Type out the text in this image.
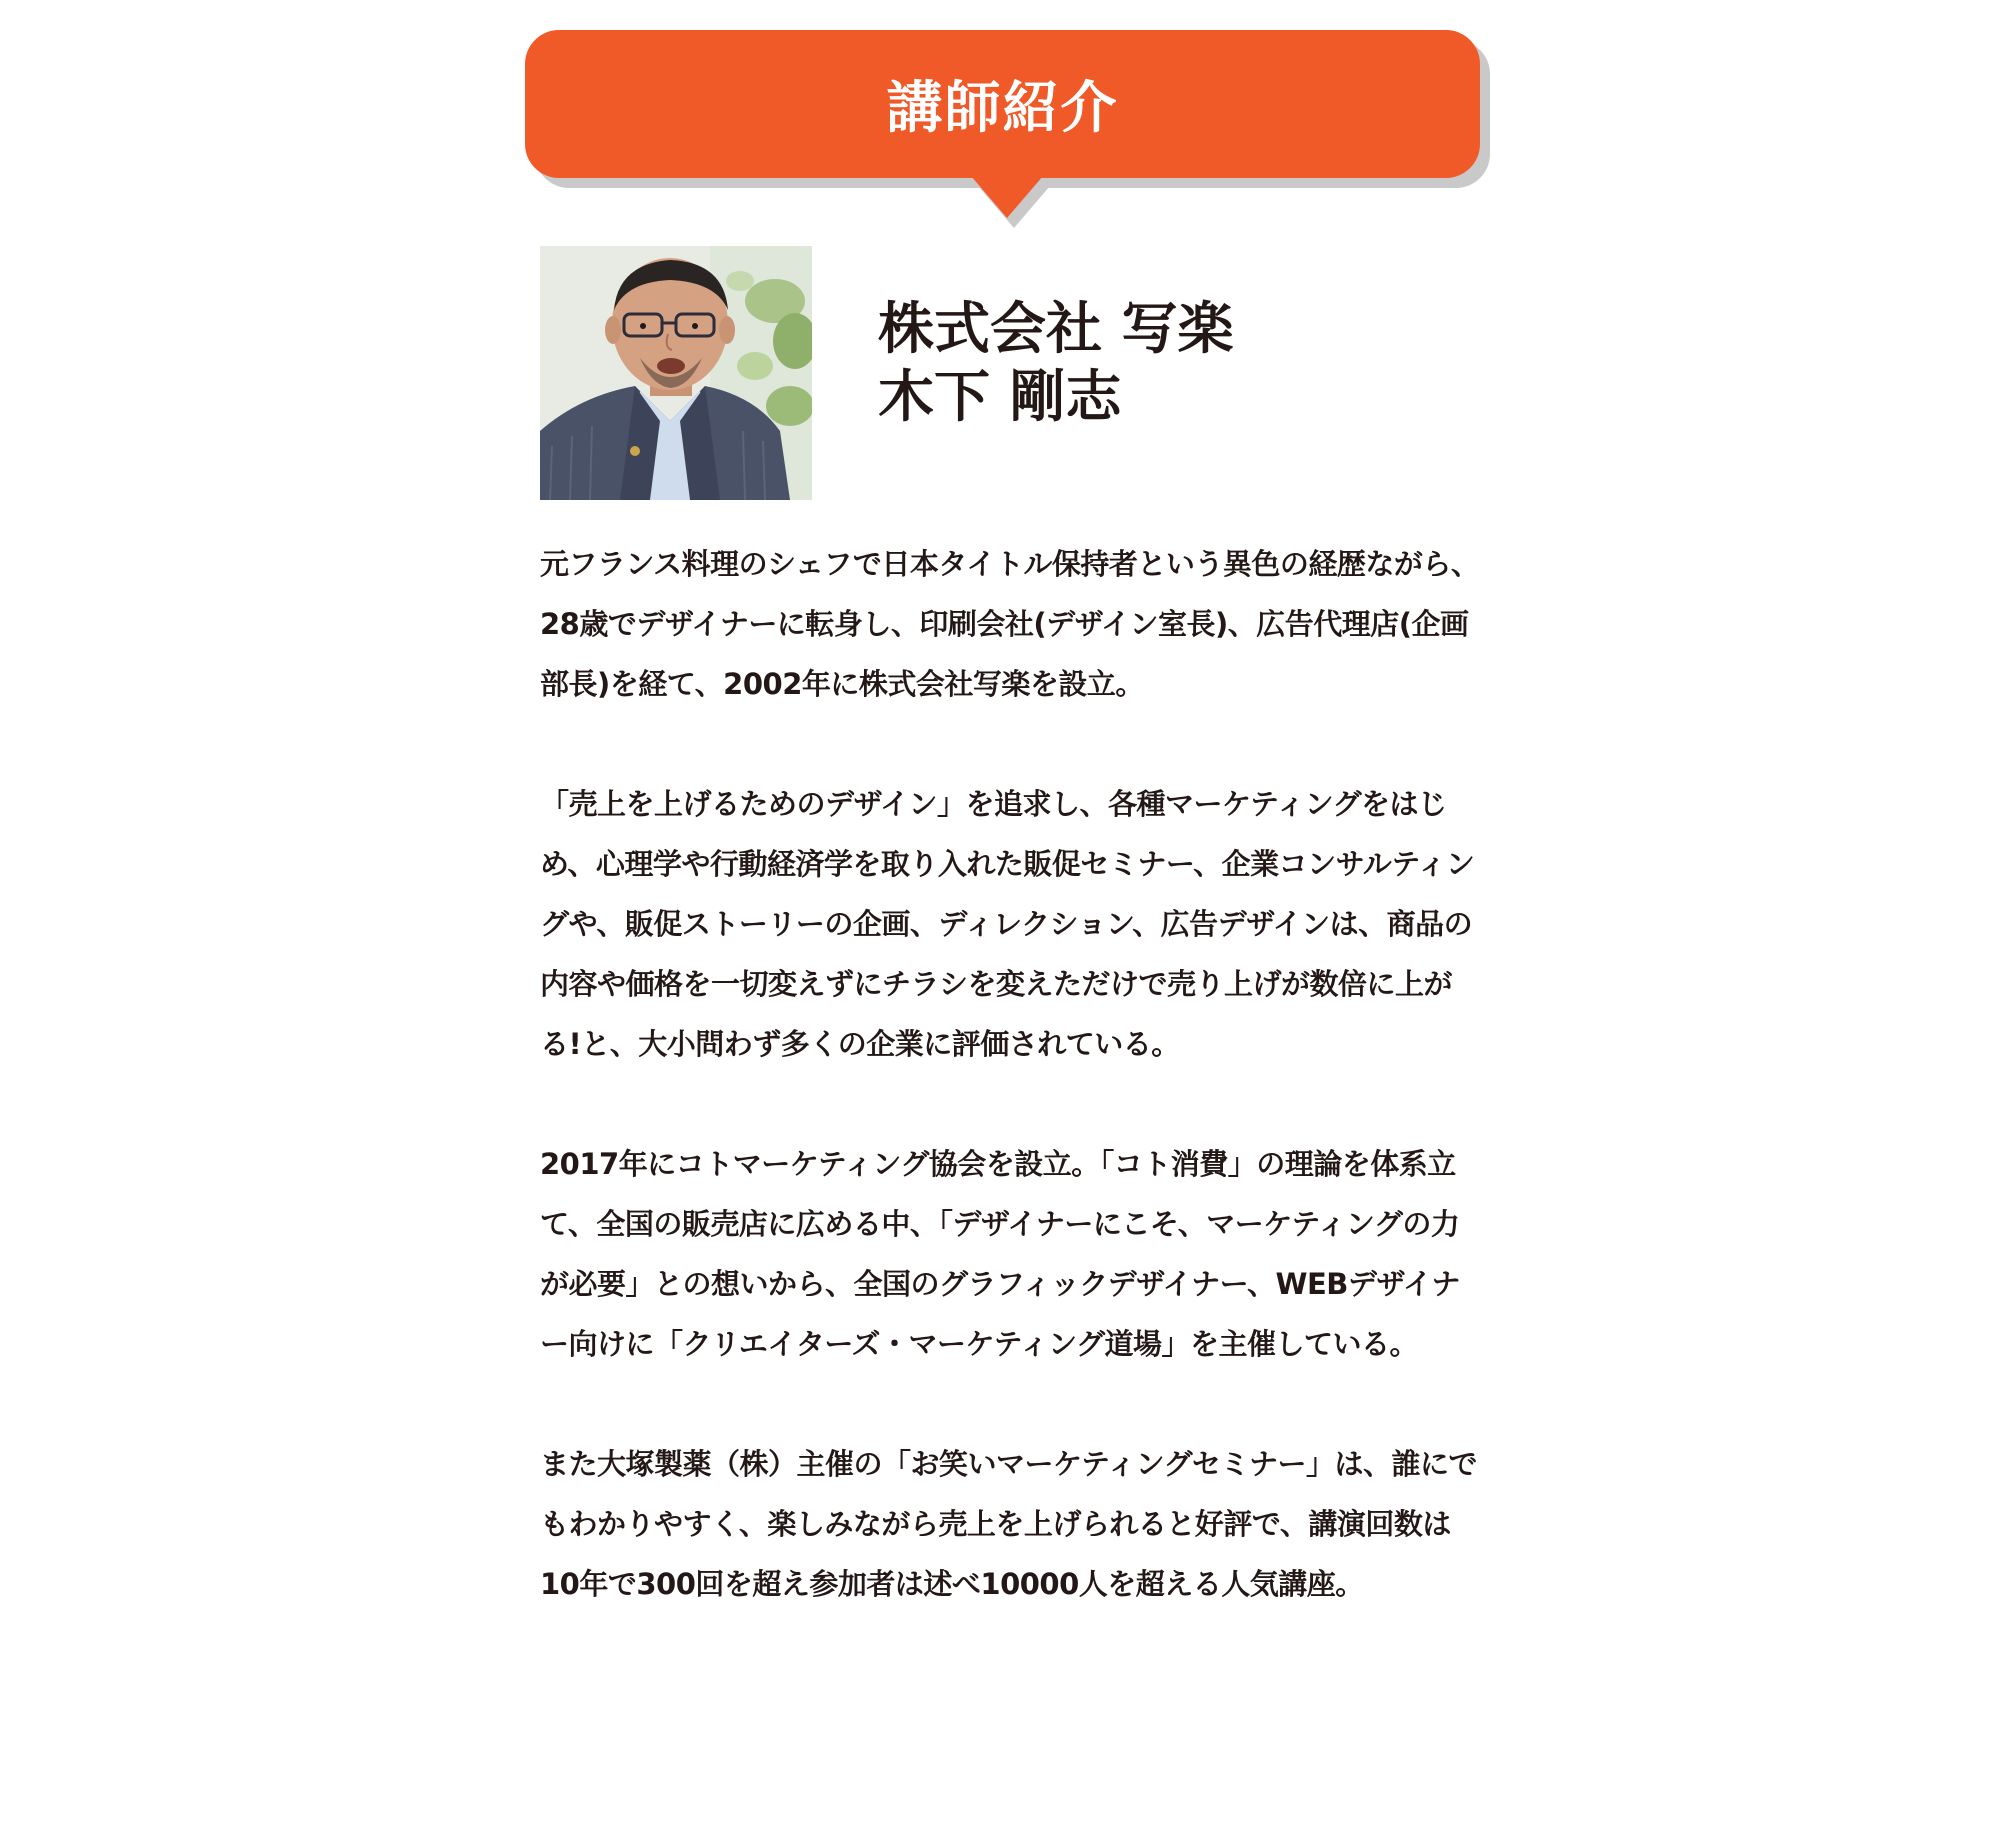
講師紹介
株式会社 写楽
木下 剛志

元フランス料理のシェフで日本タイトル保持者という異色の経歴ながら、28歳でデザイナーに転身し、印刷会社(デザイン室長)、広告代理店(企画部長)を経て、2002年に株式会社写楽を設立。

「売上を上げるためのデザイン」を追求し、各種マーケティングをはじめ、心理学や行動経済学を取り入れた販促セミナー、企業コンサルティングや、販促ストーリーの企画、ディレクション、広告デザインは、商品の内容や価格を一切変えずにチラシを変えただけで売り上げが数倍に上がる!と、大小問わず多くの企業に評価されている。

2017年にコトマーケティング協会を設立。「コト消費」の理論を体系立て、全国の販売店に広める中、「デザイナーにこそ、マーケティングの力が必要」との想いから、全国のグラフィックデザイナー、WEBデザイナー向けに「クリエイターズ・マーケティング道場」を主催している。

また大塚製薬（株）主催の「お笑いマーケティングセミナー」は、誰にでもわかりやすく、楽しみながら売上を上げられると好評で、講演回数は10年で300回を超え参加者は述べ10000人を超える人気講座。
